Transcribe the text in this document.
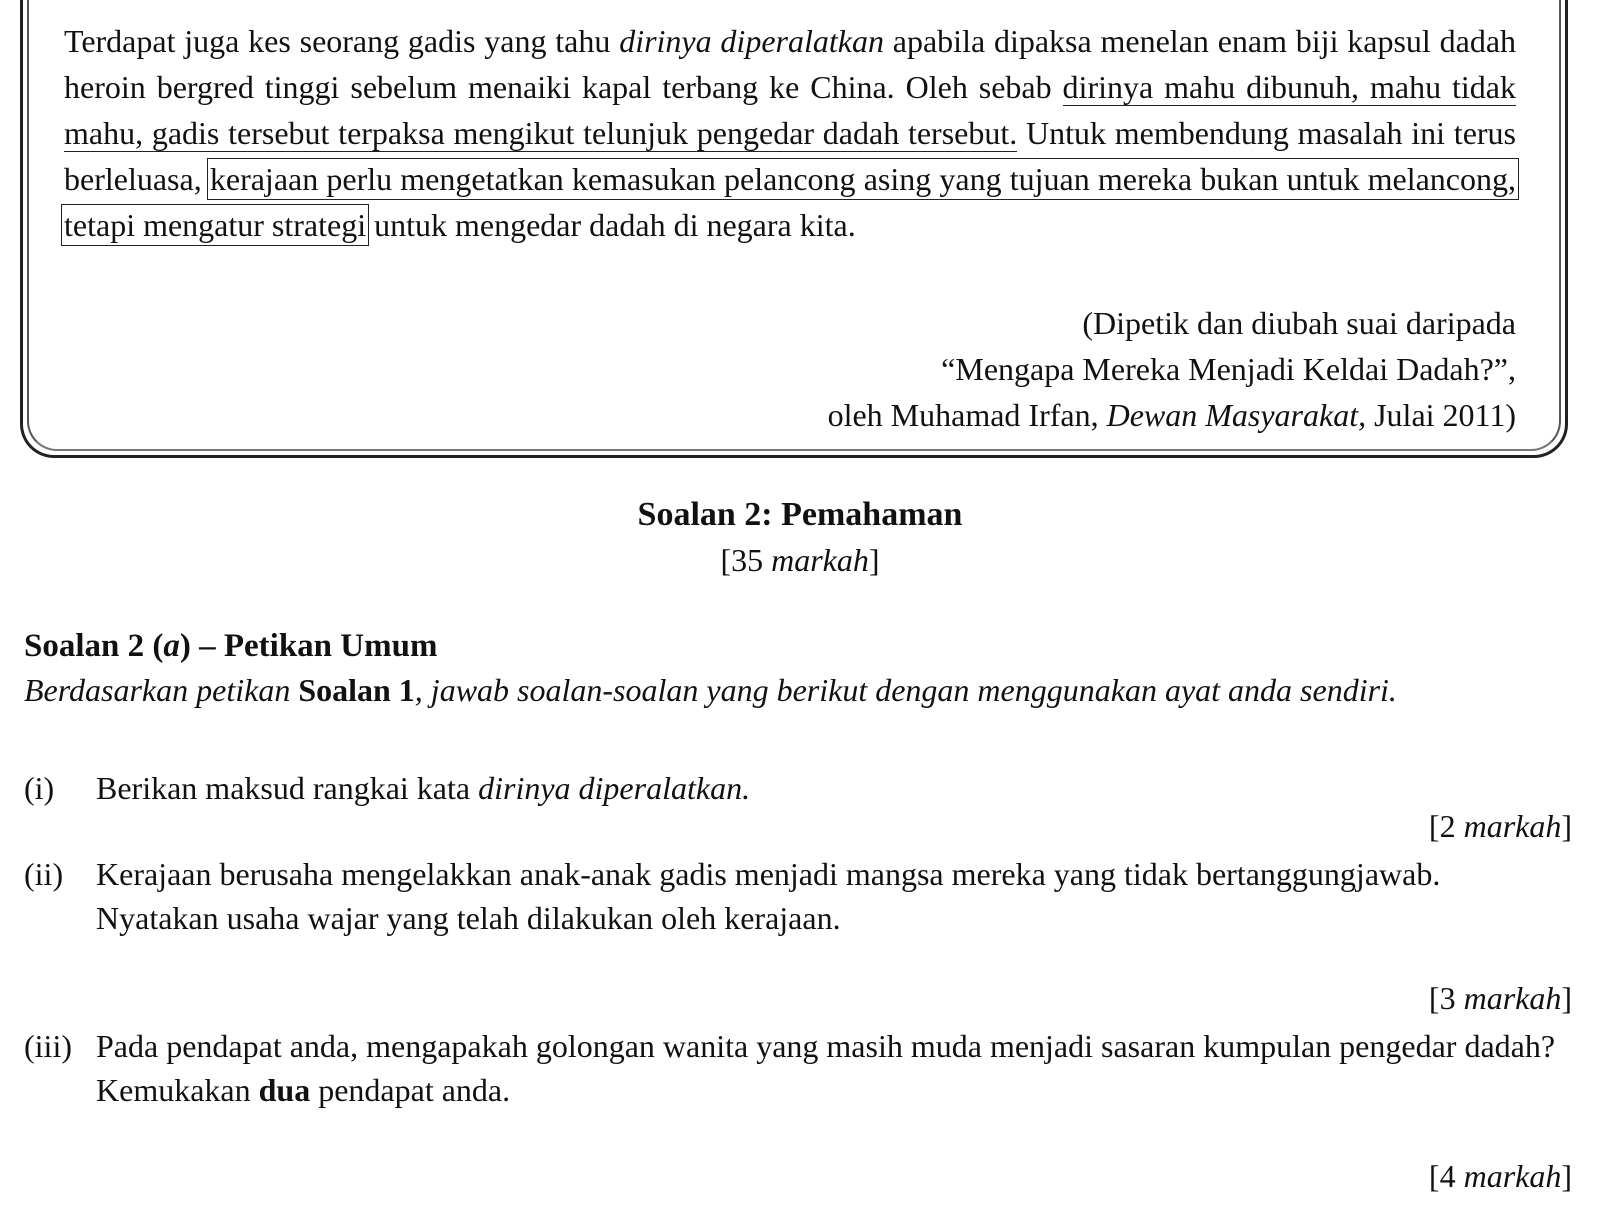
Terdapat juga kes seorang gadis yang tahu dirinya diperalatkan apabila dipaksa menelan enam biji kapsul dadah heroin bergred tinggi sebelum menaiki kapal terbang ke China. Oleh sebab dirinya mahu dibunuh, mahu tidak mahu, gadis tersebut terpaksa mengikut telunjuk pengedar dadah tersebut. Untuk membendung masalah ini terus berleluasa, kerajaan perlu mengetatkan kemasukan pelancong asing yang tujuan mereka bukan untuk melancong, tetapi mengatur strategi untuk mengedar dadah di negara kita.

(Dipetik dan diubah suai daripada
“Mengapa Mereka Menjadi Keldai Dadah?”,
oleh Muhamad Irfan, Dewan Masyarakat, Julai 2011)
Soalan 2: Pemahaman
[35 markah]
Soalan 2 (a) – Petikan Umum
Berdasarkan petikan Soalan 1, jawab soalan-soalan yang berikut dengan menggunakan ayat anda sendiri.
(i) Berikan maksud rangkai kata dirinya diperalatkan.
[2 markah]
(ii) Kerajaan berusaha mengelakkan anak-anak gadis menjadi mangsa mereka yang tidak bertanggungjawab.

Nyatakan usaha wajar yang telah dilakukan oleh kerajaan.

[3 markah]
(iii) Pada pendapat anda, mengapakah golongan wanita yang masih muda menjadi sasaran kumpulan pengedar dadah?

Kemukakan dua pendapat anda.

[4 markah]
